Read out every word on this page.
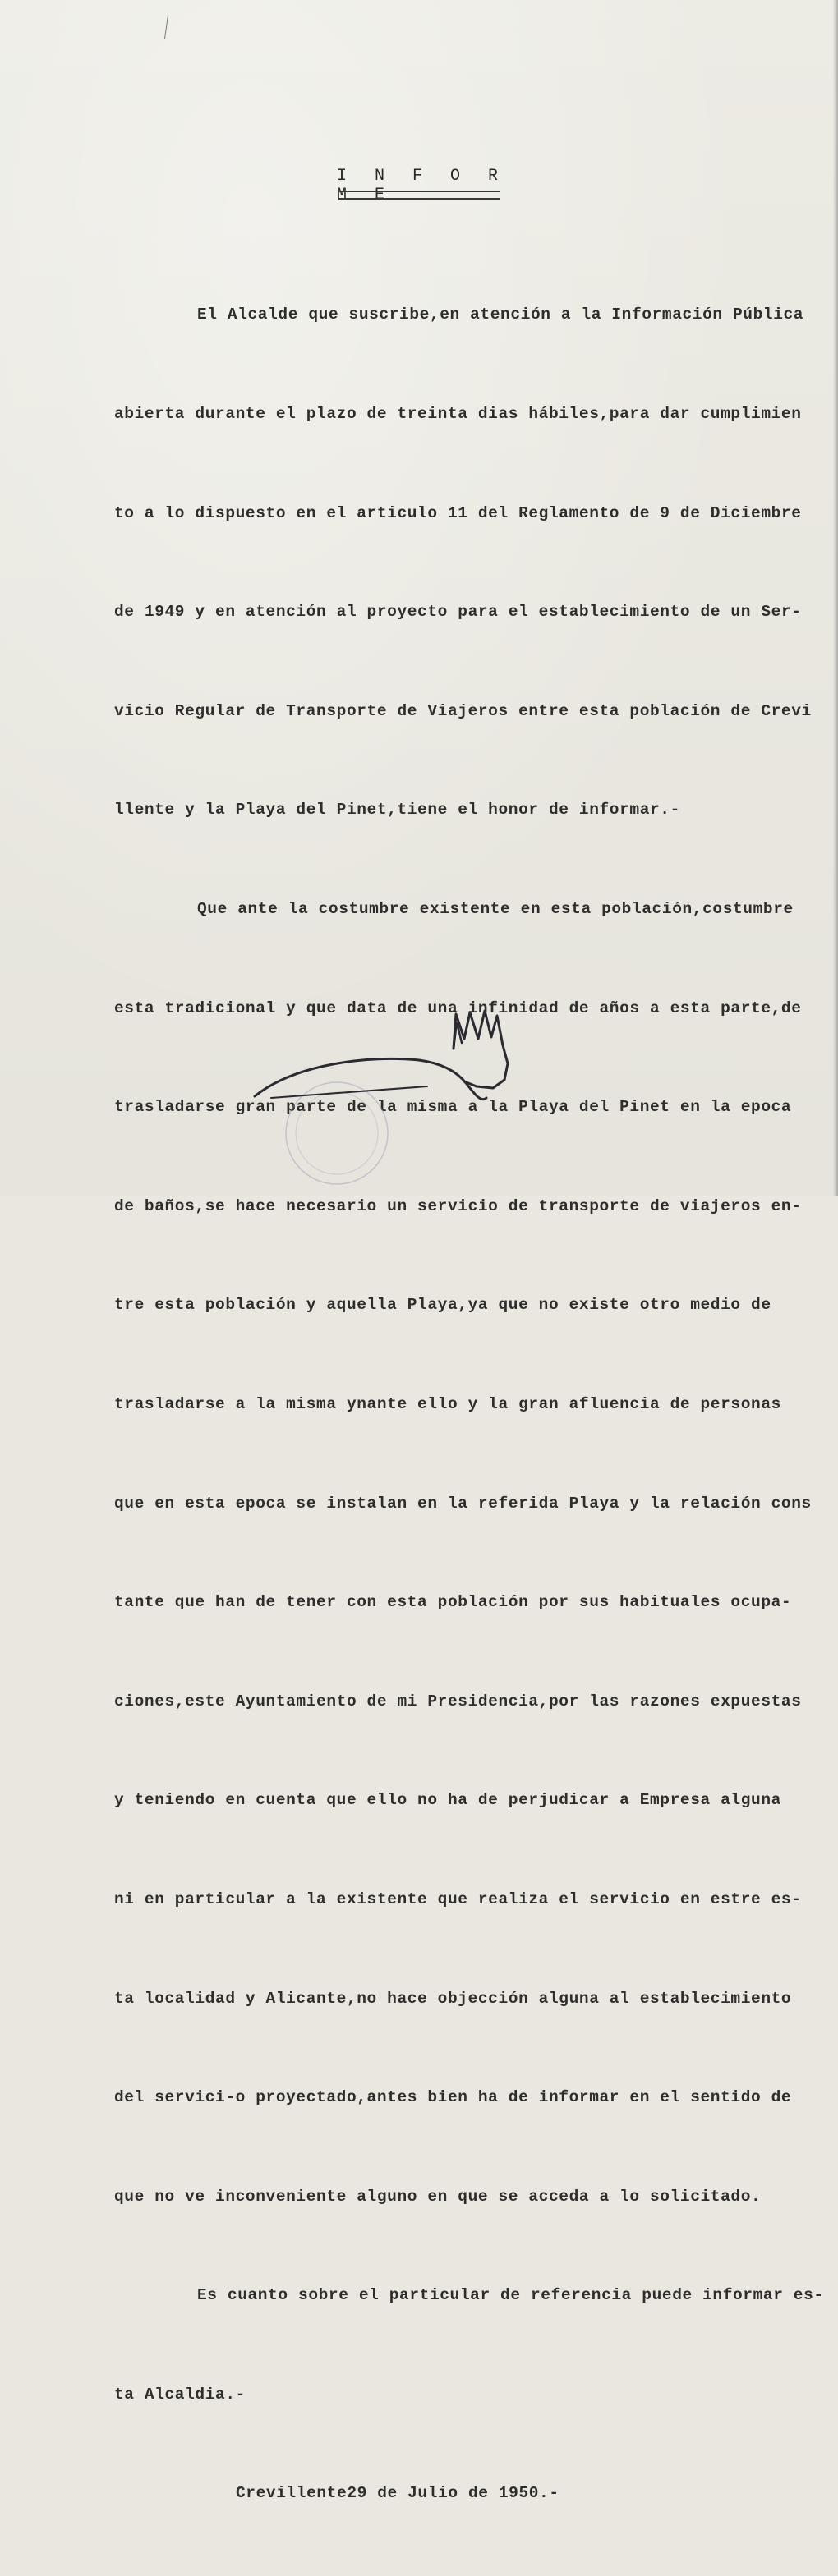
I N F O R M E

El Alcalde que suscribe,en atención a la Información Pública

abierta durante el plazo de treinta dias hábiles,para dar cumplimien

to a lo dispuesto en el articulo 11 del Reglamento de 9 de Diciembre

de 1949 y en atención al proyecto para el establecimiento de un Ser-

vicio Regular de Transporte de Viajeros entre esta población de Crevi

llente y la Playa del Pinet,tiene el honor de informar.-

Que ante la costumbre existente en esta población,costumbre

esta tradicional y que data de una infinidad de años a esta parte,de

trasladarse gran parte de la misma a la Playa del Pinet en la epoca

de baños,se hace necesario un servicio de transporte de viajeros en-

tre esta población y aquella Playa,ya que no existe otro medio de

trasladarse a la misma ynante ello y la gran afluencia de personas

que en esta epoca se instalan en la referida Playa y la relación cons

tante que han de tener con esta población por sus habituales ocupa-

ciones,este Ayuntamiento de mi Presidencia,por las razones expuestas

y teniendo en cuenta que ello no ha de perjudicar a Empresa alguna

ni en particular a la existente que realiza el servicio en estre es-

ta localidad y Alicante,no hace objección alguna al establecimiento

del servici-o proyectado,antes bien ha de informar en el sentido de

que no ve inconveniente alguno en que se acceda a lo solicitado.

Es cuanto sobre el particular de referencia puede informar es-

ta Alcaldia.-

Crevillente29 de Julio de 1950.-
